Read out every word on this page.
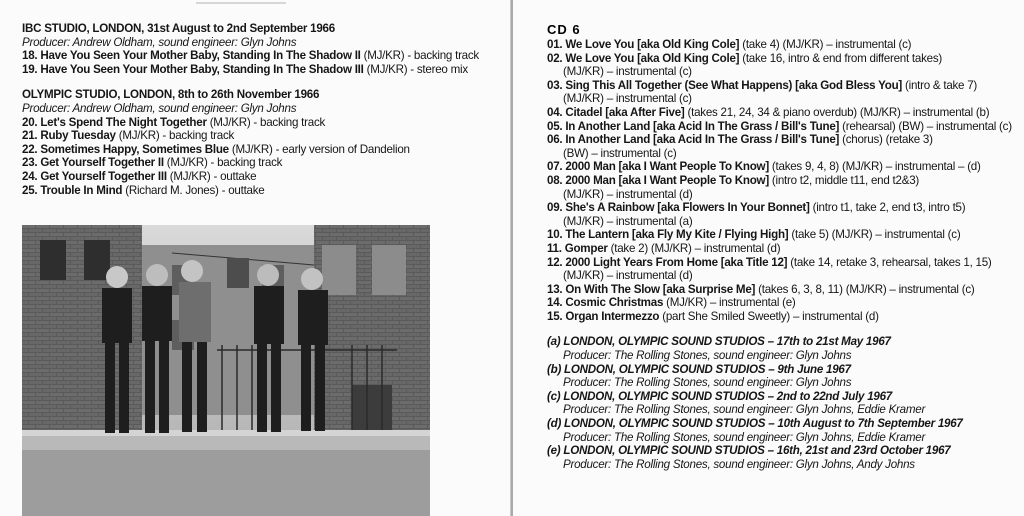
IBC STUDIO, LONDON, 31st August to 2nd September 1966
Producer: Andrew Oldham, sound engineer: Glyn Johns
18. Have You Seen Your Mother Baby, Standing In The Shadow II (MJ/KR) - backing track
19. Have You Seen Your Mother Baby, Standing In The Shadow III (MJ/KR) - stereo mix
OLYMPIC STUDIO, LONDON, 8th to 26th November 1966
Producer: Andrew Oldham, sound engineer: Glyn Johns
20. Let's Spend The Night Together (MJ/KR) - backing track
21. Ruby Tuesday (MJ/KR) - backing track
22. Sometimes Happy, Sometimes Blue (MJ/KR) - early version of Dandelion
23. Get Yourself Together II (MJ/KR) - backing track
24. Get Yourself Together III (MJ/KR) - outtake
25. Trouble In Mind (Richard M. Jones) - outtake
CD 6
01. We Love You [aka Old King Cole] (take 4) (MJ/KR) – instrumental (c)
02. We Love You [aka Old King Cole] (take 16, intro & end from different takes)
(MJ/KR) – instrumental (c)
03. Sing This All Together (See What Happens) [aka God Bless You] (intro & take 7)
(MJ/KR) – instrumental (c)
04. Citadel [aka After Five] (takes 21, 24, 34 & piano overdub) (MJ/KR) – instrumental (b)
05. In Another Land [aka Acid In The Grass / Bill's Tune] (rehearsal) (BW) – instrumental (c)
06. In Another Land [aka Acid In The Grass / Bill's Tune] (chorus) (retake 3)
(BW) – instrumental (c)
07. 2000 Man [aka I Want People To Know] (takes 9, 4, 8) (MJ/KR) – instrumental – (d)
08. 2000 Man [aka I Want People To Know] (intro t2, middle t11, end t2&3)
(MJ/KR) – instrumental (d)
09. She's A Rainbow [aka Flowers In Your Bonnet] (intro t1, take 2, end t3, intro t5)
(MJ/KR) – instrumental (a)
10. The Lantern [aka Fly My Kite / Flying High] (take 5) (MJ/KR) – instrumental (c)
11. Gomper (take 2) (MJ/KR) – instrumental (d)
12. 2000 Light Years From Home [aka Title 12] (take 14, retake 3, rehearsal, takes 1, 15)
(MJ/KR) – instrumental (d)
13. On With The Slow [aka Surprise Me] (takes 6, 3, 8, 11) (MJ/KR) – instrumental (c)
14. Cosmic Christmas (MJ/KR) – instrumental (e)
15. Organ Intermezzo (part She Smiled Sweetly) – instrumental (d)
(a) LONDON, OLYMPIC SOUND STUDIOS – 17th to 21st May 1967
Producer: The Rolling Stones, sound engineer: Glyn Johns
(b) LONDON, OLYMPIC SOUND STUDIOS – 9th June 1967
Producer: The Rolling Stones, sound engineer: Glyn Johns
(c) LONDON, OLYMPIC SOUND STUDIOS – 2nd to 22nd July 1967
Producer: The Rolling Stones, sound engineer: Glyn Johns, Eddie Kramer
(d) LONDON, OLYMPIC SOUND STUDIOS – 10th August to 7th September 1967
Producer: The Rolling Stones, sound engineer: Glyn Johns, Eddie Kramer
(e) LONDON, OLYMPIC SOUND STUDIOS – 16th, 21st and 23rd October 1967
Producer: The Rolling Stones, sound engineer: Glyn Johns, Andy Johns
